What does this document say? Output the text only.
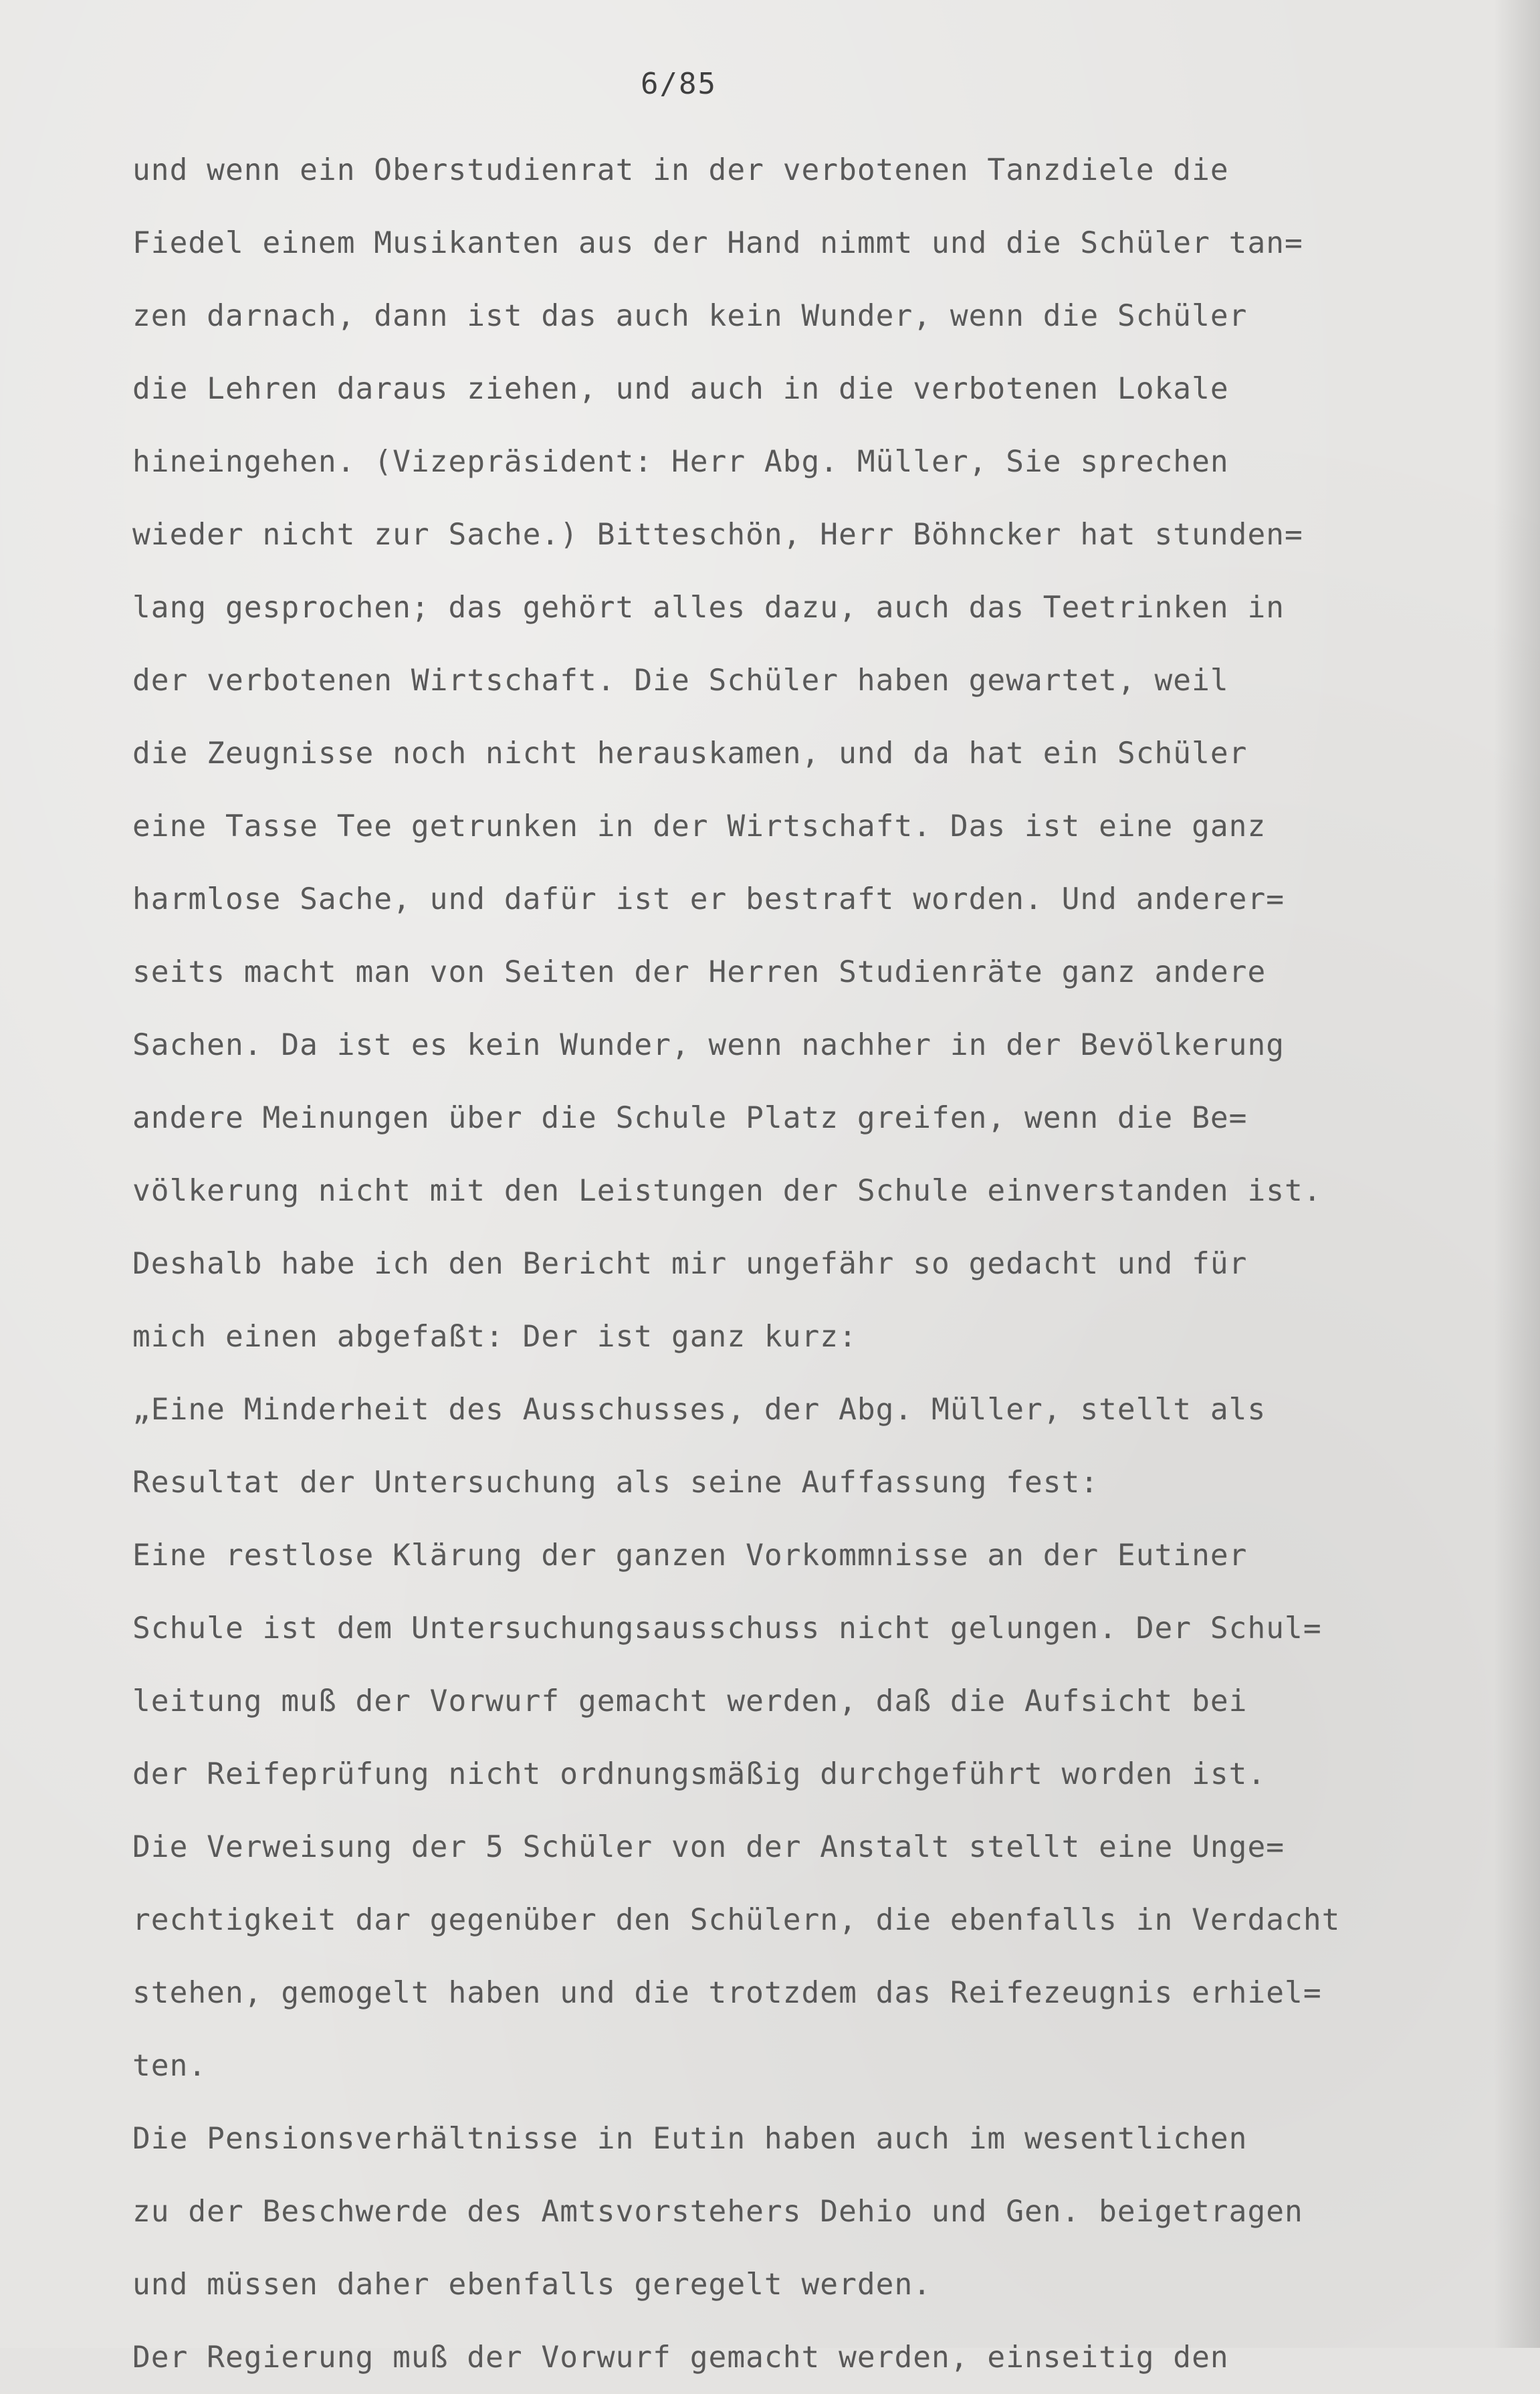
6/85
und wenn ein Oberstudienrat in der verbotenen Tanzdiele die
Fiedel einem Musikanten aus der Hand nimmt und die Schüler tan=
zen darnach, dann ist das auch kein Wunder, wenn die Schüler
die Lehren daraus ziehen, und auch in die verbotenen Lokale
hineingehen. (Vizepräsident: Herr Abg. Müller, Sie sprechen
wieder nicht zur Sache.) Bitteschön, Herr Böhncker hat stunden=
lang gesprochen; das gehört alles dazu, auch das Teetrinken in
der verbotenen Wirtschaft. Die Schüler haben gewartet, weil
die Zeugnisse noch nicht herauskamen, und da hat ein Schüler
eine Tasse Tee getrunken in der Wirtschaft. Das ist eine ganz
harmlose Sache, und dafür ist er bestraft worden. Und anderer=
seits macht man von Seiten der Herren Studienräte ganz andere
Sachen. Da ist es kein Wunder, wenn nachher in der Bevölkerung
andere Meinungen über die Schule Platz greifen, wenn die Be=
völkerung nicht mit den Leistungen der Schule einverstanden ist.
Deshalb habe ich den Bericht mir ungefähr so gedacht und für
mich einen abgefaßt: Der ist ganz kurz:
„Eine Minderheit des Ausschusses, der Abg. Müller, stellt als
Resultat der Untersuchung als seine Auffassung fest:
Eine restlose Klärung der ganzen Vorkommnisse an der Eutiner
Schule ist dem Untersuchungsausschuss nicht gelungen. Der Schul=
leitung muß der Vorwurf gemacht werden, daß die Aufsicht bei
der Reifeprüfung nicht ordnungsmäßig durchgeführt worden ist.
Die Verweisung der 5 Schüler von der Anstalt stellt eine Unge=
rechtigkeit dar gegenüber den Schülern, die ebenfalls in Verdacht
stehen, gemogelt haben und die trotzdem das Reifezeugnis erhiel=
ten.
Die Pensionsverhältnisse in Eutin haben auch im wesentlichen
zu der Beschwerde des Amtsvorstehers Dehio und Gen. beigetragen
und müssen daher ebenfalls geregelt werden.
Der Regierung muß der Vorwurf gemacht werden, einseitig den
